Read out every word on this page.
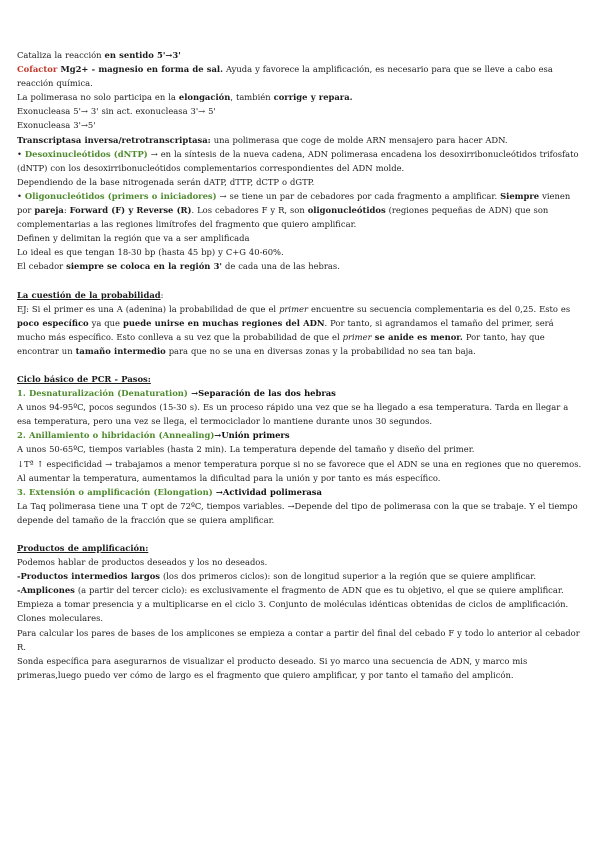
Cataliza la reacción en sentido 5'→3'

Cofactor Mg2+ - magnesio en forma de sal. Ayuda y favorece la amplificación, es necesario para que se lleve a cabo esa reacción química.

La polimerasa no solo participa en la elongación, también corrige y repara.

Exonucleasa 5'→ 3' sin act. exonucleasa 3'→ 5'

Exonucleasa 3'→5'

Transcriptasa inversa/retrotranscriptasa: una polimerasa que coge de molde ARN mensajero para hacer ADN.

• Desoxinucleótidos (dNTP) → en la síntesis de la nueva cadena, ADN polimerasa encadena los desoxirribonucleótidos trifosfato (dNTP) con los desoxirribonucleótidos complementarios correspondientes del ADN molde.

Dependiendo de la base nitrogenada serán dATP, dTTP, dCTP o dGTP.

• Oligonucleótidos (primers o iniciadores) → se tiene un par de cebadores por cada fragmento a amplificar. Siempre vienen por pareja: Forward (F) y Reverse (R). Los cebadores F y R, son oligonucleótidos (regiones pequeñas de ADN) que son complementarias a las regiones limítrofes del fragmento que quiero amplificar.

Definen y delimitan la región que va a ser amplificada

Lo ideal es que tengan 18-30 bp (hasta 45 bp) y C+G 40-60%.

El cebador siempre se coloca en la región 3' de cada una de las hebras.

La cuestión de la probabilidad:

EJ: Si el primer es una A (adenina) la probabilidad de que el primer encuentre su secuencia complementaria es del 0,25. Esto es poco específico ya que puede unirse en muchas regiones del ADN. Por tanto, si agrandamos el tamaño del primer, será mucho más específico. Esto conlleva a su vez que la probabilidad de que el primer se anide es menor. Por tanto, hay que encontrar un tamaño intermedio para que no se una en diversas zonas y la probabilidad no sea tan baja.

Ciclo básico de PCR - Pasos:

1. Desnaturalización (Denaturation) →Separación de las dos hebras

A unos 94-95ºC, pocos segundos (15-30 s). Es un proceso rápido una vez que se ha llegado a esa temperatura. Tarda en llegar a esa temperatura, pero una vez se llega, el termociclador lo mantiene durante unos 30 segundos.

2. Anillamiento o hibridación (Annealing)→Unión primers

A unos 50-65ºC, tiempos variables (hasta 2 min). La temperatura depende del tamaño y diseño del primer.

↓Tª ↑ especificidad → trabajamos a menor temperatura porque si no se favorece que el ADN se una en regiones que no queremos. Al aumentar la temperatura, aumentamos la dificultad para la unión y por tanto es más específico.

3. Extensión o amplificación (Elongation) →Actividad polimerasa

La Taq polimerasa tiene una T opt de 72ºC, tiempos variables. →Depende del tipo de polimerasa con la que se trabaje. Y el tiempo depende del tamaño de la fracción que se quiera amplificar.

Productos de amplificación:

Podemos hablar de productos deseados y los no deseados.

-Productos intermedios largos (los dos primeros ciclos): son de longitud superior a la región que se quiere amplificar.

-Amplicones (a partir del tercer ciclo): es exclusivamente el fragmento de ADN que es tu objetivo, el que se quiere amplificar. Empieza a tomar presencia y a multiplicarse en el ciclo 3. Conjunto de moléculas idénticas obtenidas de ciclos de amplificación. Clones moleculares.

Para calcular los pares de bases de los amplicones se empieza a contar a partir del final del cebado F y todo lo anterior al cebador R.

Sonda específica para asegurarnos de visualizar el producto deseado. Si yo marco una secuencia de ADN, y marco mis primeras,luego puedo ver cómo de largo es el fragmento que quiero amplificar, y por tanto el tamaño del amplicón.
